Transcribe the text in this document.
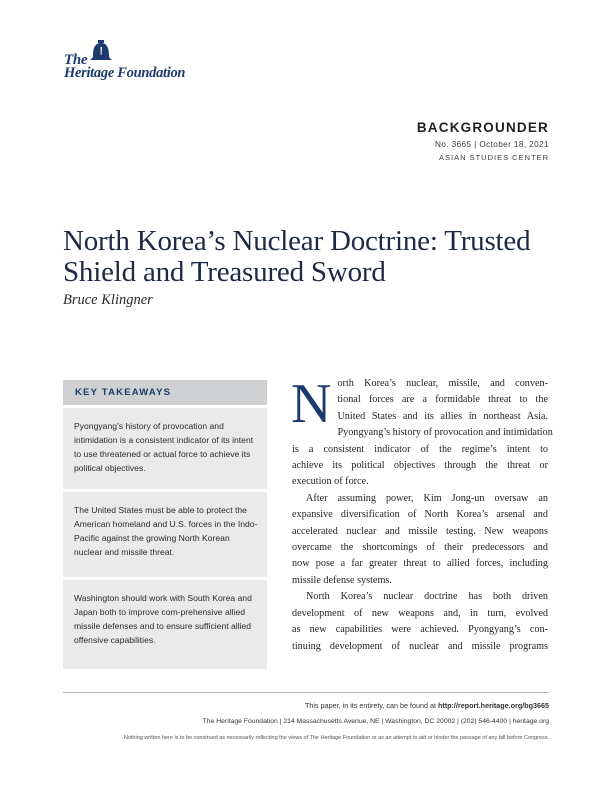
The
Heritage Foundation
BACKGROUNDER
No. 3665 | October 18, 2021
ASIAN STUDIES CENTER
North Korea’s Nuclear Doctrine: Trusted Shield and Treasured Sword
Bruce Klingner
KEY TAKEAWAYS
Pyongyang’s history of provocation and intimidation is a consistent indicator of its intent to use threatened or actual force to achieve its political objectives.
The United States must be able to protect the American homeland and U.S. forces in the Indo-Pacific against the growing North Korean nuclear and missile threat.
Washington should work with South Korea and Japan both to improve com-prehensive allied missile defenses and to ensure sufficient allied offensive capabilities.

N orth Korea’s nuclear, missile, and conven-
tional forces are a formidable threat to the
United States and its allies in northeast Asia.
Pyongyang’s history of provocation and intimidation
is a consistent indicator of the regime’s intent to
achieve its political objectives through the threat or
execution of force.

After assuming power, Kim Jong-un oversaw an
expansive diversification of North Korea’s arsenal and
accelerated nuclear and missile testing. New weapons
overcame the shortcomings of their predecessors and
now pose a far greater threat to allied forces, including
missile defense systems.

North Korea’s nuclear doctrine has both driven
development of new weapons and, in turn, evolved
as new capabilities were achieved. Pyongyang’s con-
tinuing development of nuclear and missile programs

This paper, in its entirety, can be found at http://report.heritage.org/bg3665
The Heritage Foundation | 214 Massachusetts Avenue, NE | Washington, DC 20002 | (202) 546-4400 | heritage.org
Nothing written here is to be construed as necessarily reflecting the views of The Heritage Foundation or as an attempt to aid or hinder the passage of any bill before Congress.
